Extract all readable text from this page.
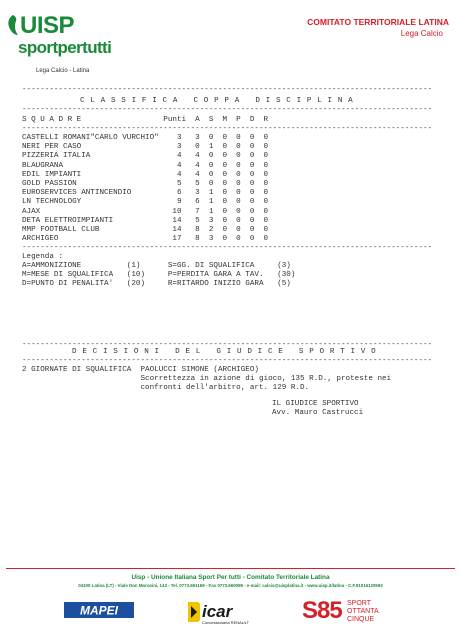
UISP
sportpertutti
Lega Calcio - Latina
COMITATO TERRITORIALE LATINA
Lega Calcio
------------------------------------------------------------------------------------------
C L A S S I F I C A   C O P P A   D I S C I P L I N A
------------------------------------------------------------------------------------------
S Q U A D R E                  Punti  A  S  M  P  D  R
------------------------------------------------------------------------------------------
CASTELLI ROMANI"CARLO VURCHIO"    3   3  0  0  0  0  0
NERI PER CASO                     3   0  1  0  0  0  0
PIZZERIA ITALIA                   4   4  0  0  0  0  0
BLAUGRANA                         4   4  0  0  0  0  0
EDIL IMPIANTI                     4   4  0  0  0  0  0
GOLD PASSION                      5   5  0  0  0  0  0
EUROSERVICES ANTINCENDIO          6   3  1  0  0  0  0
LN TECHNOLOGY                     9   6  1  0  0  0  0
AJAX                             10   7  1  0  0  0  0
DETA ELETTROIMPIANTI             14   5  3  0  0  0  0
MMP FOOTBALL CLUB                14   8  2  0  0  0  0
ARCHIGEO                         17   8  3  0  0  0  0
------------------------------------------------------------------------------------------
Legenda :
A=AMMONIZIONE          (1)      S=GG. DI SQUALIFICA     (3)
M=MESE DI SQUALIFICA   (10)     P=PERDITA GARA A TAV.   (30)
D=PUNTO DI PENALITA'   (20)     R=RITARDO INIZIO GARA   (5)
------------------------------------------------------------------------------------------
D E C I S I O N I   D E L   G I U D I C E   S P O R T I V O
------------------------------------------------------------------------------------------
2 GIORNATE DI SQUALIFICA  PAOLUCCI SIMONE (ARCHIGEO)
Scorrettezza in azione di gioco, 135 R.D., proteste nei
confronti dell'arbitro, art. 129 R.D.
IL GIUDICE SPORTIVO
Avv. Mauro Castrucci
Uisp - Unione Italiana Sport Per tutti - Comitato Territoriale Latina
04100 Latina (LT) - Viale Don Morosini, 143 - Tel. 0773.691169 - Fax 0773.660099 - e-mail: calcio@uisplatina.it - www.uisp.it/latina - C.F.91016120593
MAPEI	icar
Concessionaria RENAULT S85 SPORT
OTTANTA
CINQUE
